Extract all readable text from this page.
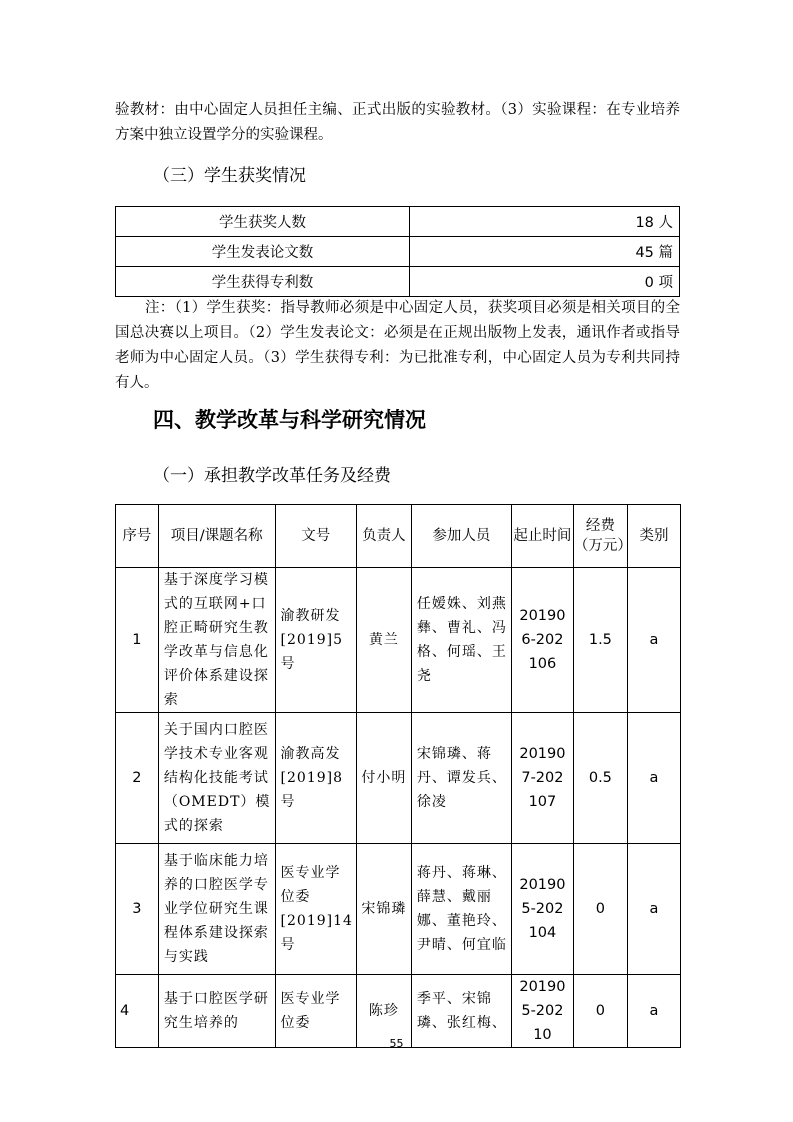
验教材：由中心固定人员担任主编、正式出版的实验教材。（3）实验课程：在专业培养方案中独立设置学分的实验课程。

（三）学生获奖情况
学生获奖人数	18 人
学生发表论文数	45 篇
学生获得专利数	0 项

注：（1）学生获奖：指导教师必须是中心固定人员，获奖项目必须是相关项目的全国总决赛以上项目。（2）学生发表论文：必须是在正规出版物上发表，通讯作者或指导老师为中心固定人员。（3）学生获得专利：为已批准专利，中心固定人员为专利共同持有人。

四、教学改革与科学研究情况
（一）承担教学改革任务及经费
序号	项目/课题名称	文号	负责人	参加人员	起止时间	经费（万元）	类别
1	基于深度学习模式的互联网+口腔正畸研究生教学改革与信息化评价体系建设探索	渝教研发[2019]5号	黄兰	任嫒姝、刘燕彝、曹礼、冯格、何瑶、王尧	201906-202106	1.5	a
2	关于国内口腔医学技术专业客观结构化技能考试（OMEDT）模式的探索	渝教高发[2019]8号	付小明	宋锦璘、蒋丹、谭发兵、徐凌	201907-202107	0.5	a
3	基于临床能力培养的口腔医学专业学位研究生课程体系建设探索与实践	医专业学位委[2019]14号	宋锦璘	蒋丹、蒋琳、薛慧、戴丽娜、董艳玲、尹晴、何宜临	201905-202104	0	a
4	基于口腔医学研究生培养的	医专业学位委	陈珍	季平、宋锦璘、张红梅、	201905-20210	0	a
55
